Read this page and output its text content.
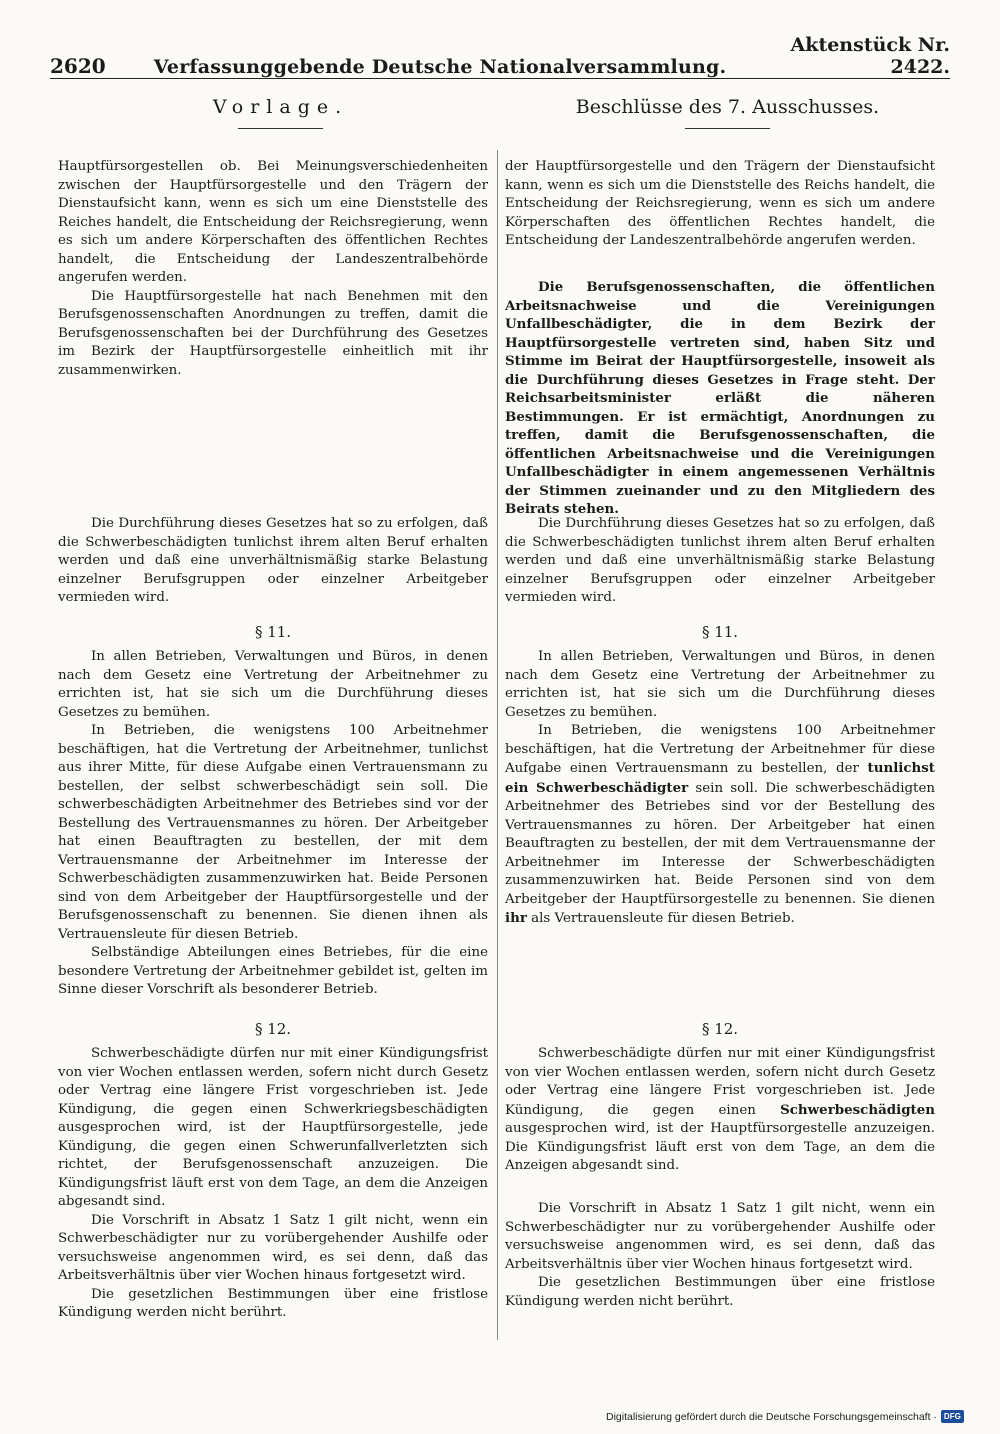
2620	Verfassunggebende Deutsche Nationalversammlung.
Aktenstück Nr. 2422.
Vorlage.

Hauptfürsorgestellen ob. Bei Meinungsverschiedenheiten zwischen der Hauptfürsorgestelle und den Trägern der Dienstaufsicht kann, wenn es sich um eine Dienststelle des Reiches handelt, die Entscheidung der Reichsregierung, wenn es sich um andere Körperschaften des öffentlichen Rechtes handelt, die Entscheidung der Landeszentralbehörde angerufen werden.

Die Hauptfürsorgestelle hat nach Benehmen mit den Berufsgenossenschaften Anordnungen zu treffen, damit die Berufsgenossenschaften bei der Durchführung des Gesetzes im Bezirk der Hauptfürsorgestelle einheitlich mit ihr zusammenwirken.

Die Durchführung dieses Gesetzes hat so zu erfolgen, daß die Schwerbeschädigten tunlichst ihrem alten Beruf erhalten werden und daß eine unverhältnismäßig starke Belastung einzelner Berufsgruppen oder einzelner Arbeitgeber vermieden wird.

§ 11.

In allen Betrieben, Verwaltungen und Büros, in denen nach dem Gesetz eine Vertretung der Arbeitnehmer zu errichten ist, hat sie sich um die Durchführung dieses Gesetzes zu bemühen.

In Betrieben, die wenigstens 100 Arbeitnehmer beschäftigen, hat die Vertretung der Arbeitnehmer, tunlichst aus ihrer Mitte, für diese Aufgabe einen Vertrauensmann zu bestellen, der selbst schwerbeschädigt sein soll. Die schwerbeschädigten Arbeitnehmer des Betriebes sind vor der Bestellung des Vertrauensmannes zu hören. Der Arbeitgeber hat einen Beauftragten zu bestellen, der mit dem Vertrauensmanne der Arbeitnehmer im Interesse der Schwerbeschädigten zusammenzuwirken hat. Beide Personen sind von dem Arbeitgeber der Hauptfürsorgestelle und der Berufsgenossenschaft zu benennen. Sie dienen ihnen als Vertrauensleute für diesen Betrieb.

Selbständige Abteilungen eines Betriebes, für die eine besondere Vertretung der Arbeitnehmer gebildet ist, gelten im Sinne dieser Vorschrift als besonderer Betrieb.

§ 12.

Schwerbeschädigte dürfen nur mit einer Kündigungsfrist von vier Wochen entlassen werden, sofern nicht durch Gesetz oder Vertrag eine längere Frist vorgeschrieben ist. Jede Kündigung, die gegen einen Schwerkriegsbeschädigten ausgesprochen wird, ist der Hauptfürsorgestelle, jede Kündigung, die gegen einen Schwerunfallverletzten sich richtet, der Berufsgenossenschaft anzuzeigen. Die Kündigungsfrist läuft erst von dem Tage, an dem die Anzeigen abgesandt sind.

Die Vorschrift in Absatz 1 Satz 1 gilt nicht, wenn ein Schwerbeschädigter nur zu vorübergehender Aushilfe oder versuchsweise angenommen wird, es sei denn, daß das Arbeitsverhältnis über vier Wochen hinaus fortgesetzt wird.

Die gesetzlichen Bestimmungen über eine fristlose Kündigung werden nicht berührt.

Beschlüsse des 7. Ausschusses.

der Hauptfürsorgestelle und den Trägern der Dienstaufsicht kann, wenn es sich um die Dienststelle des Reichs handelt, die Entscheidung der Reichsregierung, wenn es sich um andere Körperschaften des öffentlichen Rechtes handelt, die Entscheidung der Landeszentralbehörde angerufen werden.

Die Berufsgenossenschaften, die öffentlichen Arbeitsnachweise und die Vereinigungen Unfallbeschädigter, die in dem Bezirk der Hauptfürsorgestelle vertreten sind, haben Sitz und Stimme im Beirat der Hauptfürsorgestelle, insoweit als die Durchführung dieses Gesetzes in Frage steht. Der Reichsarbeitsminister erläßt die näheren Bestimmungen. Er ist ermächtigt, Anordnungen zu treffen, damit die Berufsgenossenschaften, die öffentlichen Arbeitsnachweise und die Vereinigungen Unfallbeschädigter in einem angemessenen Verhältnis der Stimmen zueinander und zu den Mitgliedern des Beirats stehen.

Die Durchführung dieses Gesetzes hat so zu erfolgen, daß die Schwerbeschädigten tunlichst ihrem alten Beruf erhalten werden und daß eine unverhältnismäßig starke Belastung einzelner Berufsgruppen oder einzelner Arbeitgeber vermieden wird.

§ 11.

In allen Betrieben, Verwaltungen und Büros, in denen nach dem Gesetz eine Vertretung der Arbeitnehmer zu errichten ist, hat sie sich um die Durchführung dieses Gesetzes zu bemühen.

In Betrieben, die wenigstens 100 Arbeitnehmer beschäftigen, hat die Vertretung der Arbeitnehmer für diese Aufgabe einen Vertrauensmann zu bestellen, der tunlichst ein Schwerbeschädigter sein soll. Die schwerbeschädigten Arbeitnehmer des Betriebes sind vor der Bestellung des Vertrauensmannes zu hören. Der Arbeitgeber hat einen Beauftragten zu bestellen, der mit dem Vertrauensmanne der Arbeitnehmer im Interesse der Schwerbeschädigten zusammenzuwirken hat. Beide Personen sind von dem Arbeitgeber der Hauptfürsorgestelle zu benennen. Sie dienen ihr als Vertrauensleute für diesen Betrieb.

§ 12.

Schwerbeschädigte dürfen nur mit einer Kündigungsfrist von vier Wochen entlassen werden, sofern nicht durch Gesetz oder Vertrag eine längere Frist vorgeschrieben ist. Jede Kündigung, die gegen einen Schwerbeschädigten ausgesprochen wird, ist der Hauptfürsorgestelle anzuzeigen. Die Kündigungsfrist läuft erst von dem Tage, an dem die Anzeigen abgesandt sind.

Die Vorschrift in Absatz 1 Satz 1 gilt nicht, wenn ein Schwerbeschädigter nur zu vorübergehender Aushilfe oder versuchsweise angenommen wird, es sei denn, daß das Arbeitsverhältnis über vier Wochen hinaus fortgesetzt wird.

Die gesetzlichen Bestimmungen über eine fristlose Kündigung werden nicht berührt.

Digitalisierung gefördert durch die Deutsche Forschungsgemeinschaft · DFG
